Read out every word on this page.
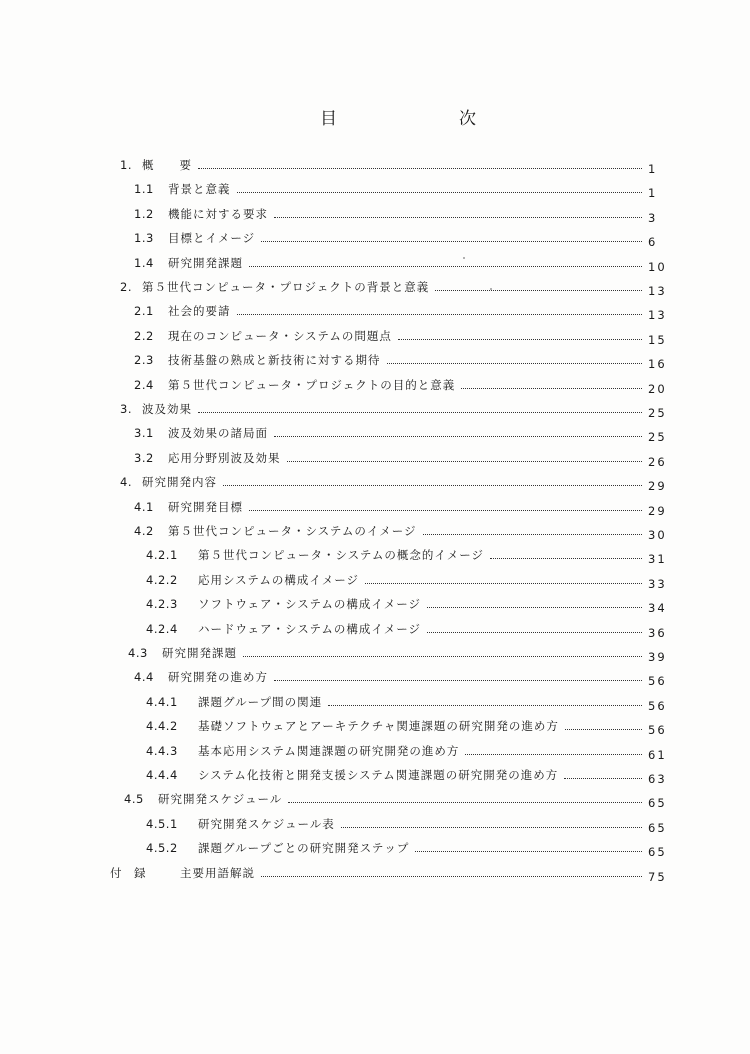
目	次
1. 概　　要	1
1.1	背景と意義	1
1.2	機能に対する要求	3
1.3	目標とイメージ	6
1.4	研究開発課題	10
2. 第５世代コンピュータ・プロジェクトの背景と意義	13
2.1	社会的要請	13
2.2	現在のコンピュータ・システムの問題点	15
2.3	技術基盤の熟成と新技術に対する期待	16
2.4	第５世代コンピュータ・プロジェクトの目的と意義	20
3. 波及効果	25
3.1	波及効果の諸局面	25
3.2	応用分野別波及効果	26
4. 研究開発内容	29
4.1	研究開発目標	29
4.2	第５世代コンピュータ・システムのイメージ	30
4.2.1	第５世代コンピュータ・システムの概念的イメージ	31
4.2.2	応用システムの構成イメージ	33
4.2.3	ソフトウェア・システムの構成イメージ	34
4.2.4	ハードウェア・システムの構成イメージ	36
4.3	研究開発課題	39
4.4	研究開発の進め方	56
4.4.1	課題グループ間の関連	56
4.4.2	基礎ソフトウェアとアーキテクチャ関連課題の研究開発の進め方	56
4.4.3	基本応用システム関連課題の研究開発の進め方	61
4.4.4	システム化技術と開発支援システム関連課題の研究開発の進め方	63
4.5	研究開発スケジュール	65
4.5.1	研究開発スケジュール表	65
4.5.2	課題グループごとの研究開発ステップ	65
付　録	主要用語解説	75
